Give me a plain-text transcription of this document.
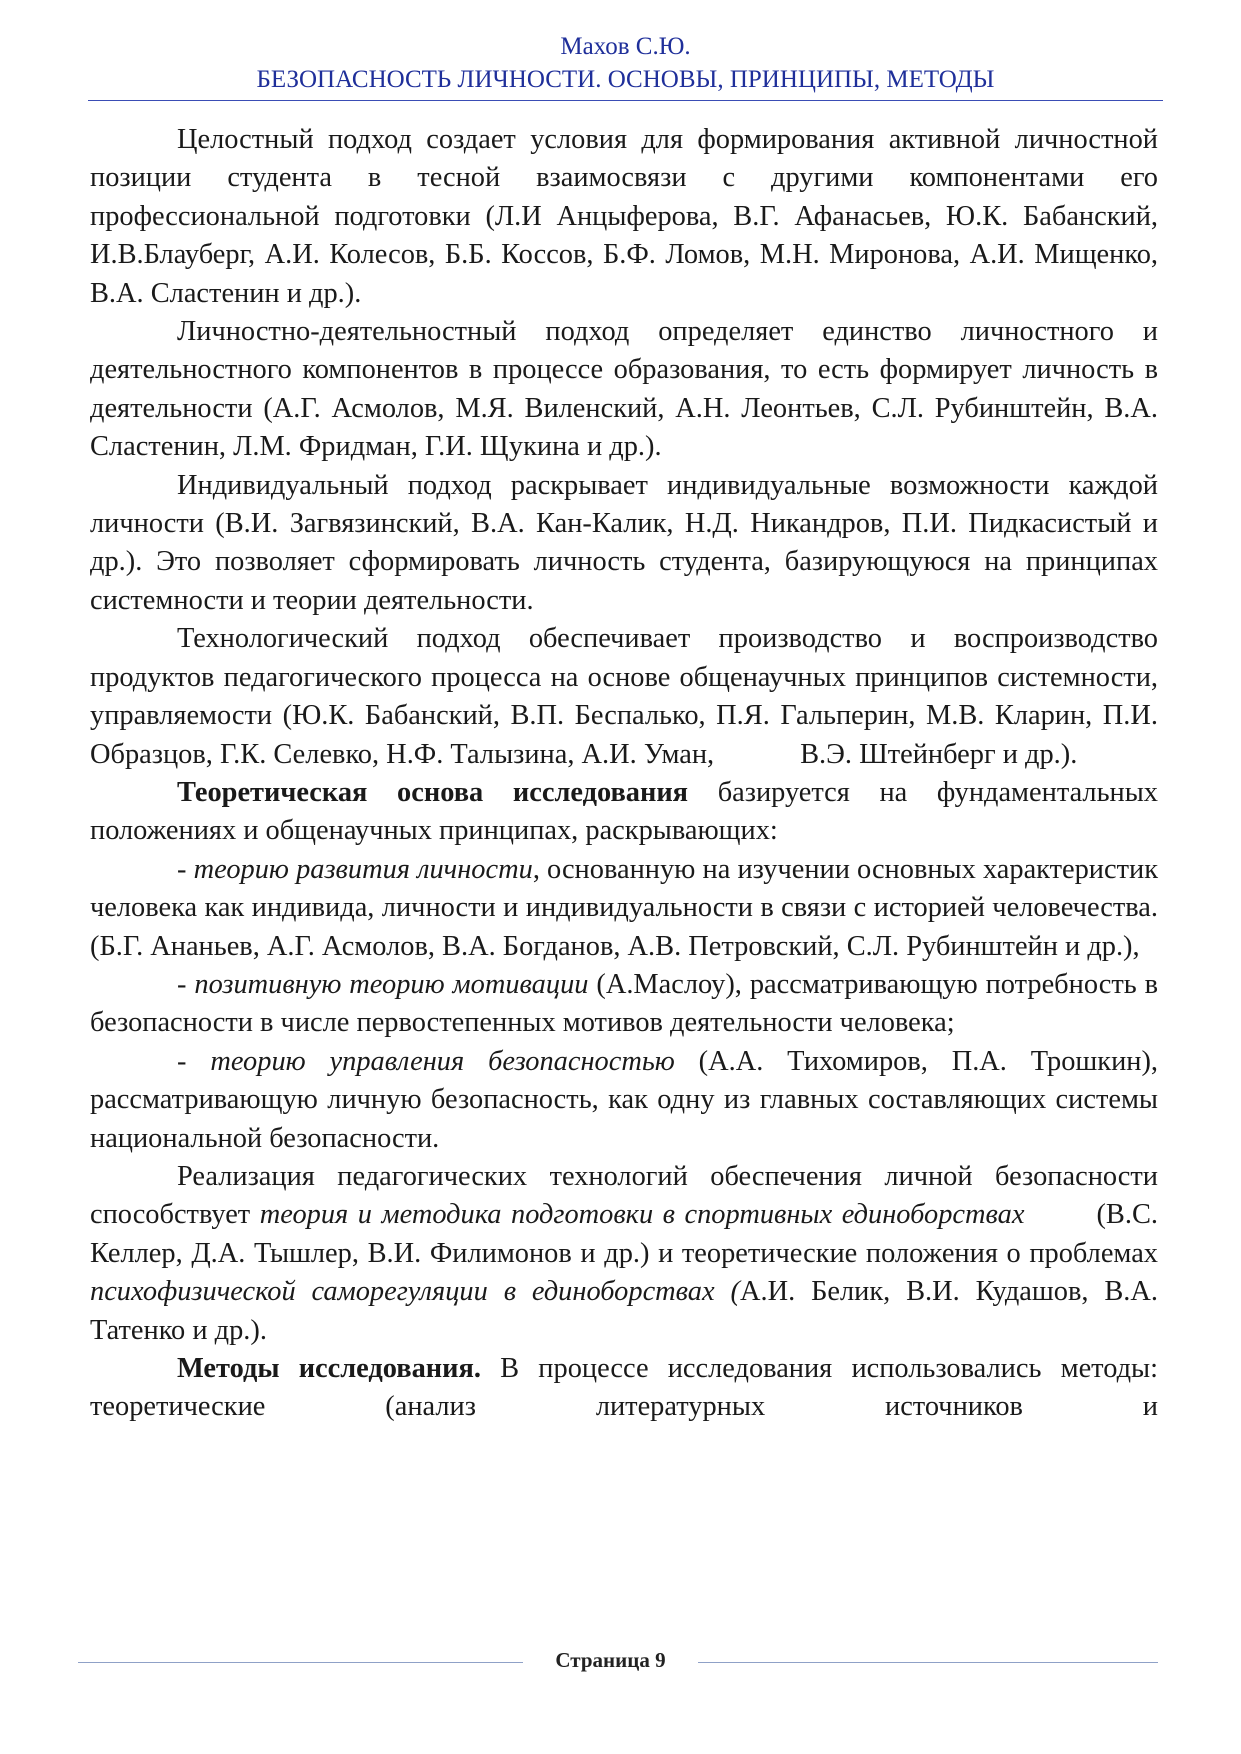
Махов С.Ю.
БЕЗОПАСНОСТЬ ЛИЧНОСТИ. ОСНОВЫ, ПРИНЦИПЫ, МЕТОДЫ

Целостный подход создает условия для формирования активной личностной позиции студента в тесной взаимосвязи с другими компонентами его профессиональной подготовки (Л.И Анцыферова, В.Г. Афанасьев, Ю.К. Бабанский, И.В.Блауберг, А.И. Колесов, Б.Б. Коссов, Б.Ф. Ломов, М.Н. Миронова, А.И. Мищенко, В.А. Сластенин и др.).

Личностно-деятельностный подход определяет единство личностного и деятельностного компонентов в процессе образования, то есть формирует личность в деятельности (А.Г. Асмолов, М.Я. Виленский, А.Н. Леонтьев, С.Л. Рубинштейн, В.А. Сластенин, Л.М. Фридман, Г.И. Щукина и др.).

Индивидуальный подход раскрывает индивидуальные возможности каждой личности (В.И. Загвязинский, В.А. Кан-Калик, Н.Д. Никандров, П.И. Пидкасистый и др.). Это позволяет сформировать личность студента, базирующуюся на принципах системности и теории деятельности.

Технологический подход обеспечивает производство и воспроизводство продуктов педагогического процесса на основе общенаучных принципов системности, управляемости (Ю.К. Бабанский, В.П. Беспалько, П.Я. Гальперин, М.В. Кларин, П.И. Образцов, Г.К. Селевко, Н.Ф. Талызина, А.И. Уман,	В.Э. Штейнберг и др.).

Теоретическая основа исследования базируется на фундаментальных положениях и общенаучных принципах, раскрывающих:

- теорию развития личности, основанную на изучении основных характеристик человека как индивида, личности и индивидуальности в связи с историей человечества. (Б.Г. Ананьев, А.Г. Асмолов, В.А. Богданов, А.В. Петровский, С.Л. Рубинштейн и др.),

- позитивную теорию мотивации (А.Маслоу), рассматривающую потребность в безопасности в числе первостепенных мотивов деятельности человека;

- теорию управления безопасностью (А.А. Тихомиров, П.А. Трошкин), рассматривающую личную безопасность, как одну из главных составляющих системы национальной безопасности.

Реализация педагогических технологий обеспечения личной безопасности способствует теория и методика подготовки в спортивных единоборствах	(В.С. Келлер, Д.А. Тышлер, В.И. Филимонов и др.) и теоретические положения о проблемах психофизической саморегуляции в единоборствах (А.И. Белик, В.И. Кудашов, В.А. Татенко и др.).

Методы исследования. В процессе исследования использовались методы: теоретические (анализ литературных источников и

Страница 9
